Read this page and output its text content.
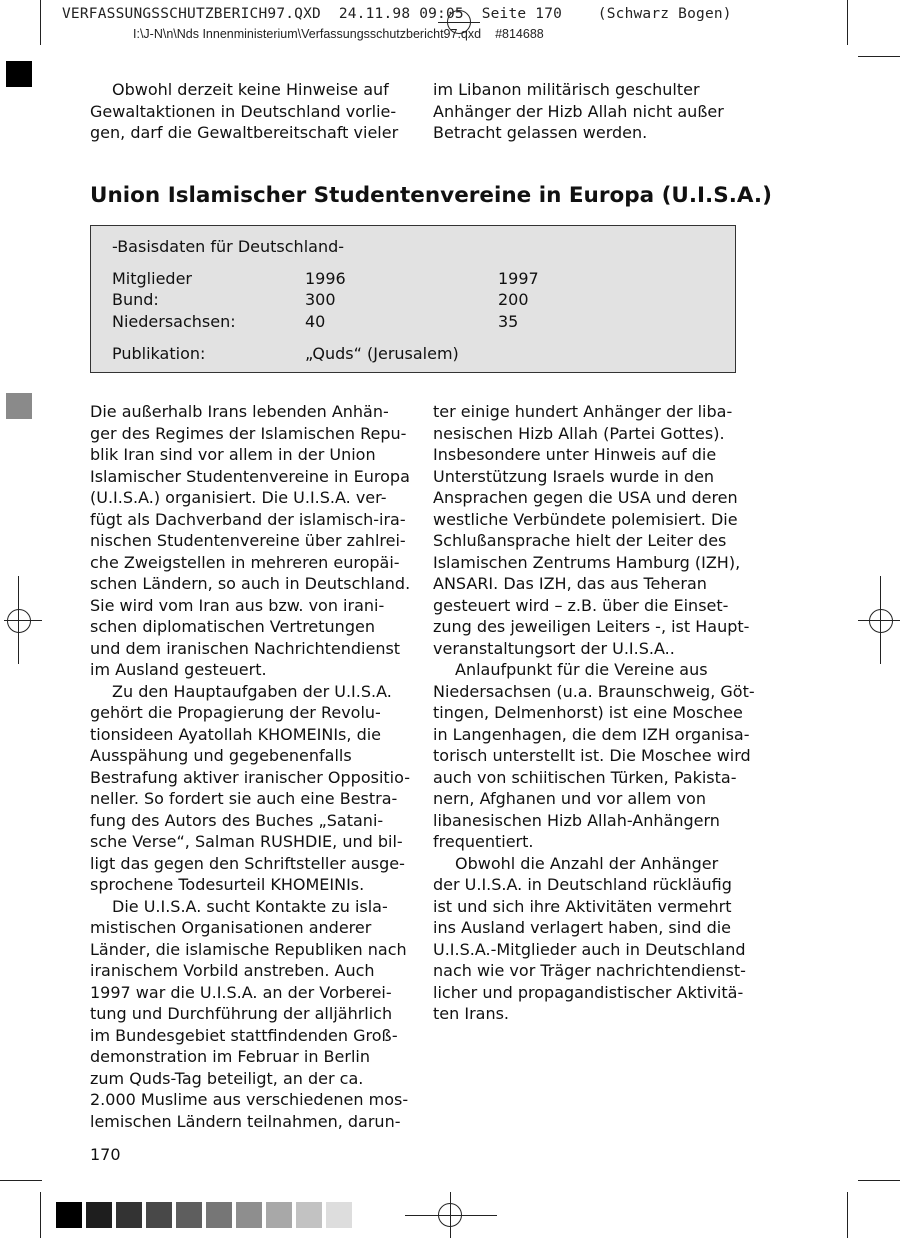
VERFASSUNGSSCHUTZBERICH97.QXD  24.11.98 09:05  Seite 170    (Schwarz Bogen)
I:\J-N\n\Nds Innenministerium\Verfassungsschutzbericht97.qxd #814688
Obwohl derzeit keine Hinweise auf
Gewaltaktionen in Deutschland vorlie-
gen, darf die Gewaltbereitschaft vieler
im Libanon militärisch geschulter
Anhänger der Hizb Allah nicht außer
Betracht gelassen werden.
Union Islamischer Studentenvereine in Europa (U.I.S.A.)
-Basisdaten für Deutschland-
Mitglieder	1996	1997
Bund:	300	200
Niedersachsen:	40	35
Publikation:	„Quds“ (Jerusalem)
Die außerhalb Irans lebenden Anhän-
ger des Regimes der Islamischen Repu-
blik Iran sind vor allem in der Union
Islamischer Studentenvereine in Europa
(U.I.S.A.) organisiert. Die U.I.S.A. ver-
fügt als Dachverband der islamisch-ira-
nischen Studentenvereine über zahlrei-
che Zweigstellen in mehreren europäi-
schen Ländern, so auch in Deutschland.
Sie wird vom Iran aus bzw. von irani-
schen diplomatischen Vertretungen
und dem iranischen Nachrichtendienst
im Ausland gesteuert.
Zu den Hauptaufgaben der U.I.S.A.
gehört die Propagierung der Revolu-
tionsideen Ayatollah KHOMEINIs, die
Ausspähung und gegebenenfalls
Bestrafung aktiver iranischer Oppositio-
neller. So fordert sie auch eine Bestra-
fung des Autors des Buches „Satani-
sche Verse“, Salman RUSHDIE, und bil-
ligt das gegen den Schriftsteller ausge-
sprochene Todesurteil KHOMEINIs.
Die U.I.S.A. sucht Kontakte zu isla-
mistischen Organisationen anderer
Länder, die islamische Republiken nach
iranischem Vorbild anstreben. Auch
1997 war die U.I.S.A. an der Vorberei-
tung und Durchführung der alljährlich
im Bundesgebiet stattfindenden Groß-
demonstration im Februar in Berlin
zum Quds-Tag beteiligt, an der ca.
2.000 Muslime aus verschiedenen mos-
lemischen Ländern teilnahmen, darun-
ter einige hundert Anhänger der liba-
nesischen Hizb Allah (Partei Gottes).
Insbesondere unter Hinweis auf die
Unterstützung Israels wurde in den
Ansprachen gegen die USA und deren
westliche Verbündete polemisiert. Die
Schlußansprache hielt der Leiter des
Islamischen Zentrums Hamburg (IZH),
ANSARI. Das IZH, das aus Teheran
gesteuert wird – z.B. über die Einset-
zung des jeweiligen Leiters -, ist Haupt-
veranstaltungsort der U.I.S.A..
Anlaufpunkt für die Vereine aus
Niedersachsen (u.a. Braunschweig, Göt-
tingen, Delmenhorst) ist eine Moschee
in Langenhagen, die dem IZH organisa-
torisch unterstellt ist. Die Moschee wird
auch von schiitischen Türken, Pakista-
nern, Afghanen und vor allem von
libanesischen Hizb Allah-Anhängern
frequentiert.
Obwohl die Anzahl der Anhänger
der U.I.S.A. in Deutschland rückläufig
ist und sich ihre Aktivitäten vermehrt
ins Ausland verlagert haben, sind die
U.I.S.A.-Mitglieder auch in Deutschland
nach wie vor Träger nachrichtendienst-
licher und propagandistischer Aktivitä-
ten Irans.
170
